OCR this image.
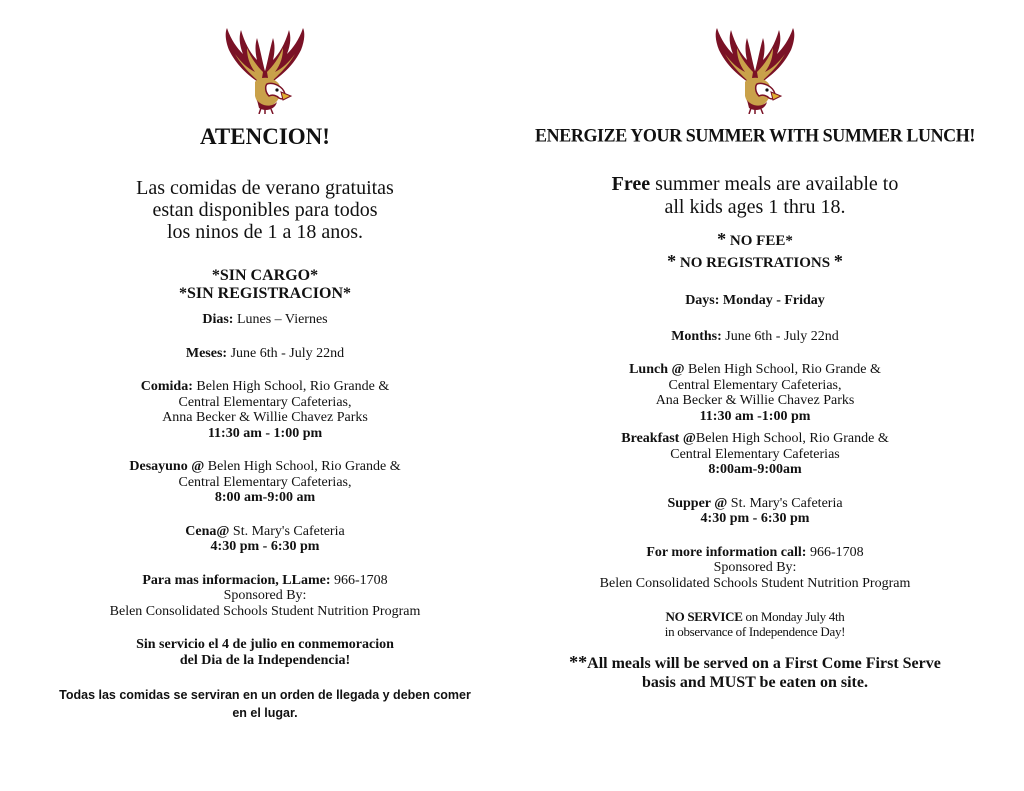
ATENCION!
Las comidas de verano gratuitas
estan disponibles para todos
los ninos de 1 a 18 anos.
*SIN CARGO*
*SIN REGISTRACION*
Dias: Lunes – Viernes
Meses: June 6th - July 22nd
Comida: Belen High School, Rio Grande &
Central Elementary Cafeterias,
Anna Becker & Willie Chavez Parks
11:30 am - 1:00 pm
Desayuno @ Belen High School, Rio Grande &
Central Elementary Cafeterias,
8:00 am-9:00 am
Cena@ St. Mary's Cafeteria
4:30 pm - 6:30 pm
Para mas informacion, LLame: 966-1708
Sponsored By:
Belen Consolidated Schools Student Nutrition Program
Sin servicio el 4 de julio en conmemoracion
del Dia de la Independencia!
Todas las comidas se serviran en un orden de llegada y deben comer
en el lugar.
ENERGIZE YOUR SUMMER WITH SUMMER LUNCH!
Free summer meals are available to
all kids ages 1 thru 18.
* NO FEE*
* NO REGISTRATIONS *
Days: Monday - Friday
Months: June 6th - July 22nd
Lunch @ Belen High School, Rio Grande &
Central Elementary Cafeterias,
Ana Becker & Willie Chavez Parks
11:30 am -1:00 pm
Breakfast @Belen High School, Rio Grande &
Central Elementary Cafeterias
8:00am-9:00am
Supper @ St. Mary's Cafeteria
4:30 pm - 6:30 pm
For more information call: 966-1708
Sponsored By:
Belen Consolidated Schools Student Nutrition Program
NO SERVICE on Monday July 4th
in observance of Independence Day!
**All meals will be served on a First Come First Serve
basis and MUST be eaten on site.
